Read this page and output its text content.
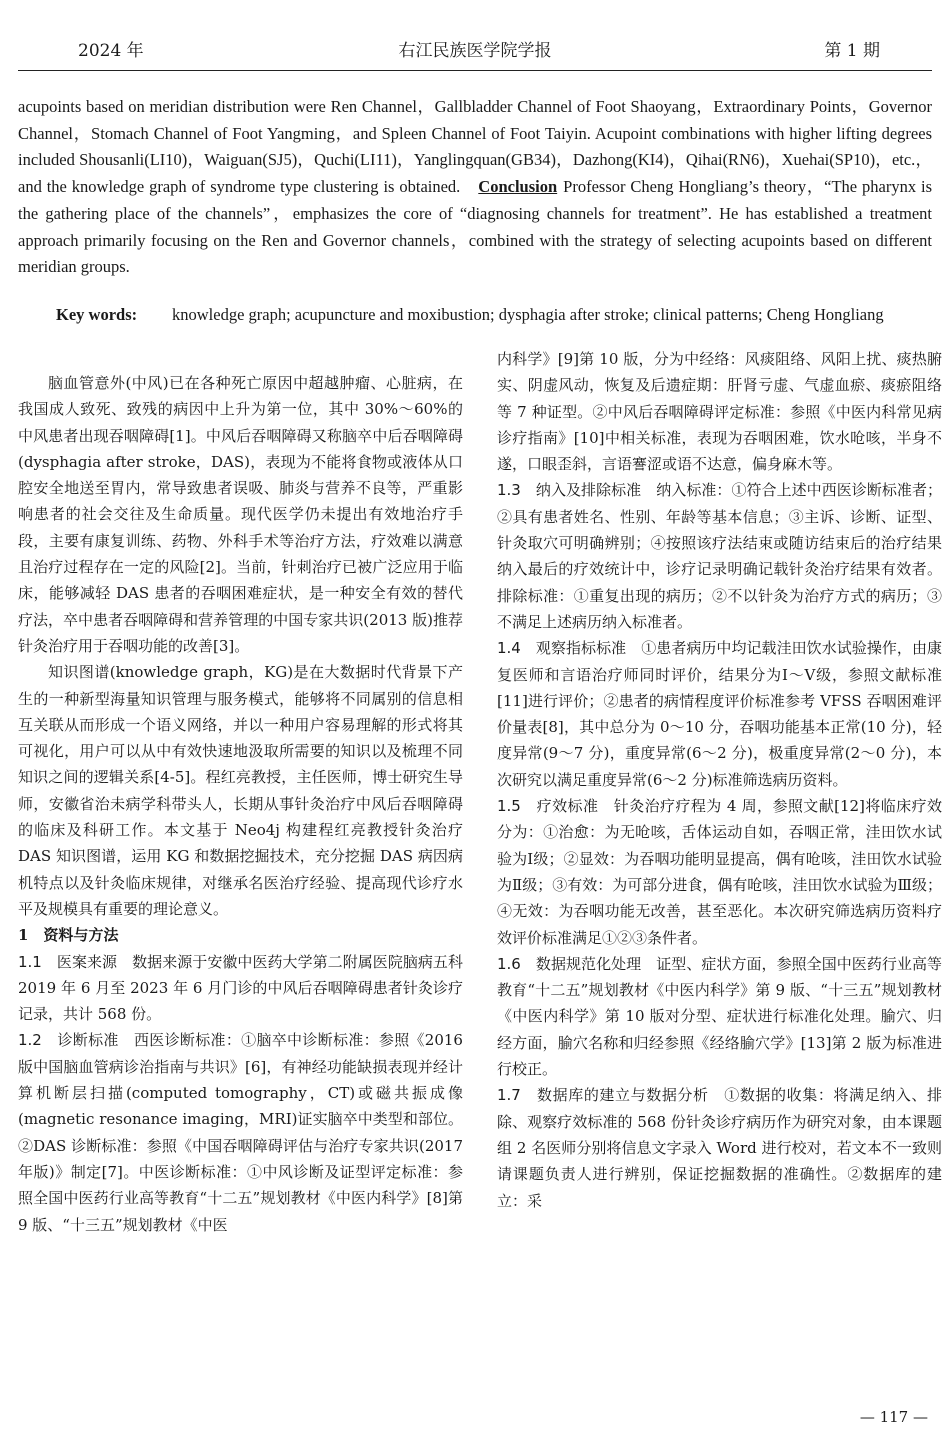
2024 年	右江民族医学院学报	第 1 期
acupoints based on meridian distribution were Ren Channel，Gallbladder Channel of Foot Shaoyang，Extraordinary Points，Governor Channel，Stomach Channel of Foot Yangming，and Spleen Channel of Foot Taiyin. Acupoint combinations with higher lifting degrees included Shousanli(LI10)，Waiguan(SJ5)，Quchi(LI11)，Yanglingquan(GB34)，Dazhong(KI4)，Qihai(RN6)，Xuehai(SP10)，etc.，and the knowledge graph of syndrome type clustering is obtained. Conclusion Professor Cheng Hongliang’s theory，“The pharynx is the gathering place of the channels”，emphasizes the core of “diagnosing channels for treatment”. He has established a treatment approach primarily focusing on the Ren and Governor channels，combined with the strategy of selecting acupoints based on different meridian groups.
Key words: knowledge graph; acupuncture and moxibustion; dysphagia after stroke; clinical patterns; Cheng Hongliang

脑血管意外(中风)已在各种死亡原因中超越肿瘤、心脏病，在我国成人致死、致残的病因中上升为第一位，其中 30%～60%的中风患者出现吞咽障碍[1]。中风后吞咽障碍又称脑卒中后吞咽障碍(dysphagia after stroke，DAS)，表现为不能将食物或液体从口腔安全地送至胃内，常导致患者误吸、肺炎与营养不良等，严重影响患者的社会交往及生命质量。现代医学仍未提出有效地治疗手段，主要有康复训练、药物、外科手术等治疗方法，疗效难以满意且治疗过程存在一定的风险[2]。当前，针刺治疗已被广泛应用于临床，能够减轻 DAS 患者的吞咽困难症状，是一种安全有效的替代疗法，卒中患者吞咽障碍和营养管理的中国专家共识(2013 版)推荐针灸治疗用于吞咽功能的改善[3]。

知识图谱(knowledge graph，KG)是在大数据时代背景下产生的一种新型海量知识管理与服务模式，能够将不同属别的信息相互关联从而形成一个语义网络，并以一种用户容易理解的形式将其可视化，用户可以从中有效快速地汲取所需要的知识以及梳理不同知识之间的逻辑关系[4-5]。程红亮教授，主任医师，博士研究生导师，安徽省治未病学科带头人，长期从事针灸治疗中风后吞咽障碍的临床及科研工作。本文基于 Neo4j 构建程红亮教授针灸治疗 DAS 知识图谱，运用 KG 和数据挖掘技术，充分挖掘 DAS 病因病机特点以及针灸临床规律，对继承名医治疗经验、提高现代诊疗水平及规模具有重要的理论意义。

1　资料与方法

1.1　医案来源　 数据来源于安徽中医药大学第二附属医院脑病五科 2019 年 6 月至 2023 年 6 月门诊的中风后吞咽障碍患者针灸诊疗记录，共计 568 份。

1.2　诊断标准　 西医诊断标准：①脑卒中诊断标准：参照《2016 版中国脑血管病诊治指南与共识》[6]，有神经功能缺损表现并经计算机断层扫描(computed tomography，CT)或磁共振成像(magnetic resonance imaging，MRI)证实脑卒中类型和部位。②DAS 诊断标准：参照《中国吞咽障碍评估与治疗专家共识(2017 年版)》制定[7]。中医诊断标准：①中风诊断及证型评定标准：参照全国中医药行业高等教育“十二五”规划教材《中医内科学》[8]第 9 版、“十三五”规划教材《中医

内科学》[9]第 10 版，分为中经络：风痰阻络、风阳上扰、痰热腑实、阴虚风动，恢复及后遗症期：肝肾亏虚、气虚血瘀、痰瘀阻络等 7 种证型。②中风后吞咽障碍评定标准：参照《中医内科常见病诊疗指南》[10]中相关标准，表现为吞咽困难，饮水呛咳，半身不遂，口眼歪斜，言语謇涩或语不达意，偏身麻木等。

1.3　纳入及排除标准　 纳入标准：①符合上述中西医诊断标准者；②具有患者姓名、性别、年龄等基本信息；③主诉、诊断、证型、针灸取穴可明确辨别；④按照该疗法结束或随访结束后的治疗结果纳入最后的疗效统计中，诊疗记录明确记载针灸治疗结果有效者。排除标准：①重复出现的病历；②不以针灸为治疗方式的病历；③不满足上述病历纳入标准者。

1.4　观察指标标准　 ①患者病历中均记载洼田饮水试验操作，由康复医师和言语治疗师同时评价，结果分为Ⅰ～Ⅴ级，参照文献标准[11]进行评价；②患者的病情程度评价标准参考 VFSS 吞咽困难评价量表[8]，其中总分为 0～10 分，吞咽功能基本正常(10 分)，轻度异常(9～7 分)，重度异常(6～2 分)，极重度异常(2～0 分)，本次研究以满足重度异常(6～2 分)标准筛选病历资料。

1.5　疗效标准　 针灸治疗疗程为 4 周，参照文献[12]将临床疗效分为：①治愈：为无呛咳，舌体运动自如，吞咽正常，洼田饮水试验为Ⅰ级；②显效：为吞咽功能明显提高，偶有呛咳，洼田饮水试验为Ⅱ级；③有效：为可部分进食，偶有呛咳，洼田饮水试验为Ⅲ级；④无效：为吞咽功能无改善，甚至恶化。本次研究筛选病历资料疗效评价标准满足①②③条件者。

1.6　数据规范化处理　 证型、症状方面，参照全国中医药行业高等教育“十二五”规划教材《中医内科学》第 9 版、“十三五”规划教材《中医内科学》第 10 版对分型、症状进行标准化处理。腧穴、归经方面，腧穴名称和归经参照《经络腧穴学》[13]第 2 版为标准进行校正。

1.7　数据库的建立与数据分析　 ①数据的收集：将满足纳入、排除、观察疗效标准的 568 份针灸诊疗病历作为研究对象，由本课题组 2 名医师分别将信息文字录入 Word 进行校对，若文本不一致则请课题负责人进行辨别，保证挖掘数据的准确性。②数据库的建立：采

— 117 —
